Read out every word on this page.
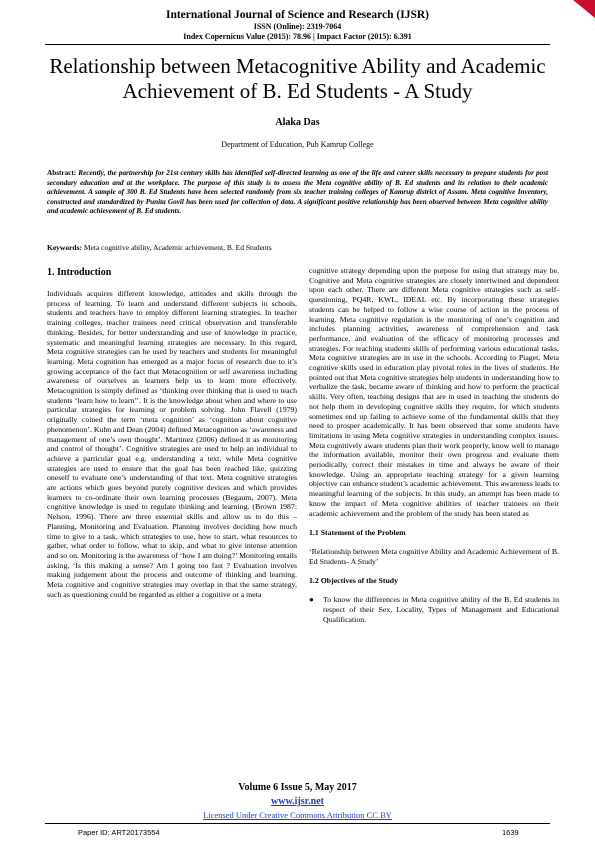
International Journal of Science and Research (IJSR)
ISSN (Online): 2319-7064
Index Copernicus Value (2015): 78.96 | Impact Factor (2015): 6.391
Relationship between Metacognitive Ability and Academic Achievement of B. Ed Students - A Study
Alaka Das
Department of Education, Pub Kamrup College
Abstract: Recently, the partnership for 21st century skills has identified self-directed learning as one of the life and career skills necessary to prepare students for post secondary education and at the workplace. The purpose of this study is to assess the Meta cognitive ability of B. Ed students and its relation to their academic achievement. A sample of 300 B. Ed Students have been selected randomly from six teacher training colleges of Kamrup district of Assam. Meta cognitive Inventory, constructed and standardized by Punita Govil has been used for collection of data. A significant positive relationship has been observed between Meta cognitive ability and academic achievement of B. Ed students.
Keywords: Meta cognitive ability, Academic achievement, B. Ed Students
1. Introduction

Individuals acquires different knowledge, attitudes and skills through the process of learning. To learn and understand different subjects in schools, students and teachers have to employ different learning strategies. In teacher training colleges, teacher trainees need critical observation and transferable thinking. Besides, for better understanding and use of knowledge in practice, systematic and meaningful learning strategies are necessary. In this regard, Meta cognitive strategies can be used by teachers and students for meaningful learning. Meta cognition has emerged as a major focus of research due to it’s growing acceptance of the fact that Metacognition or self awareness including awareness of ourselves as learners help us to learn more effectively. Metacognition is simply defined as ‘thinking over thinking that is used to teach students ‘learn how to learn’’. It is the knowledge about when and where to use particular strategies for learning or problem solving. John Flavell (1979) originally coined the term ‘meta cognition’ as ‘cognition about cognitive phenomenon’. Kuhn and Dean (2004) defined Metacognition as ‘awareness and management of one’s own thought’. Martinez (2006) defined it as monitoring and control of thought’. Cognitive strategies are used to help an individual to achieve a particular goal e.g. understanding a text, while Meta cognitive strategies are used to ensure that the goal has been reached like, quizzing oneself to evaluate one’s understanding of that text. Meta cognitive strategies are actions which goes beyond purely cognitive devices and which provides learners to co-ordinate their own learning processes (Begaum, 2007). Meta cognitive knowledge is used to regulate thinking and learning. (Brown 1987: Nelson, 1996). There are three essential skills and allow us to do this –Planning, Monitoring and Evaluation. Planning involves deciding how much time to give to a task, which strategies to use, how to start, what resources to gather, what order to follow, what to skip, and what to give intense attention and so on. Monitoring is the awareness of ‘how I am doing?’ Monitoring entails asking, ‘Is this making a sense? Am I going too fast ? Evaluation involves making judgement about the process and outcome of thinking and learning. Meta cognitive and cognitive strategies may overlap in that the same strategy, such as questioning could be regarded as either a cognitive or a meta

cognitive strategy depending upon the purpose for using that strategy may be. Cognitive and Meta cognitive strategies are closely intertwined and dependent upon each other. There are different Meta cognitive strategies such as self-questioning, PQ4R, KWL, IDEAL etc. By incorporating these strategies students can be helped to follow a wise course of action in the process of learning. Meta cognitive regulation is the monitoring of one’s cognition and includes planning activities, awareness of comprehension and task performance, and evaluation of the efficacy of monitoring processes and strategies. For teaching students skills of performing various educational tasks, Meta cognitive strategies are in use in the schools. According to Piaget, Meta cognitive skills used in education play pivotal roles in the lives of students. He pointed out that Meta cognitive strategies help students in understanding how to verbalize the task, became aware of thinking and how to perform the practical skills. Very often, teaching designs that are in used in teaching the students do not help them in developing cognitive skills they require, for which students sometimes end up failing to achieve some of the fundamental skills that they need to prosper academically. It has been observed that some students have limitations in using Meta cognitive strategies in understanding complex issues. Meta cognitively aware students plan their work properly, know well to manage the information available, monitor their own progress and evaluate them periodically, correct their mistakes in time and always be aware of their knowledge. Using an appropriate teaching strategy for a given learning objective can enhance student’s academic achievement. This awareness leads to meaningful learning of the subjects. In this study, an attempt has been made to know the impact of Meta cognitive abilities of teacher trainees on their academic achievement and the problem of the study has been stated as

1.1 Statement of the Problem

‘Relationship between Meta cognitive Ability and Academic Achievement of B. Ed Students- A Study’

1.2 Objectives of the Study
●	To know the differences in Meta cognitive ability of the B. Ed students in respect of their Sex, Locality, Types of Management and Educational Qualification.
Volume 6 Issue 5, May 2017
www.ijsr.net
Licensed Under Creative Commons Attribution CC BY
Paper ID: ART20173554	1639
